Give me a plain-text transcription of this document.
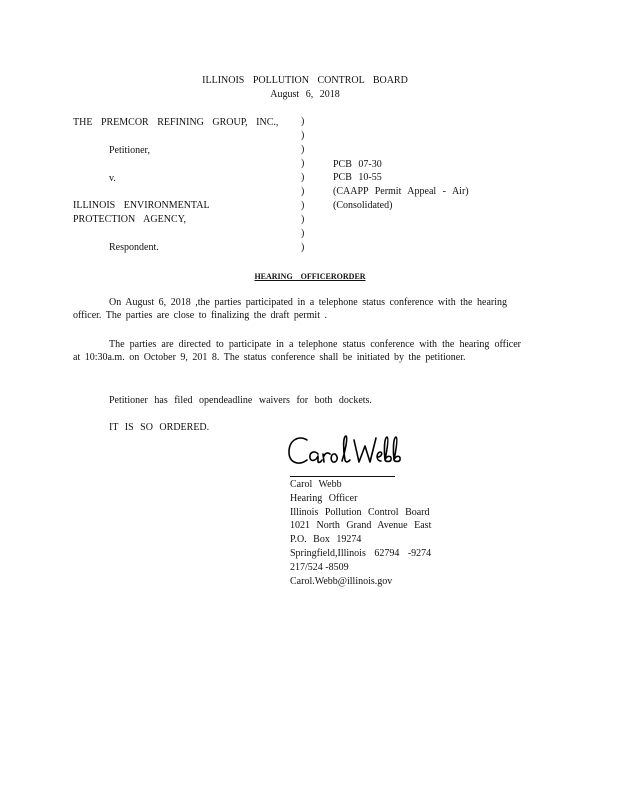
ILLINOIS POLLUTION CONTROL BOARD
August 6, 2018
THE PREMCOR REFINING GROUP, INC.,
Petitioner,
v.
ILLINOIS ENVIRONMENTAL
PROTECTION AGENCY,
Respondent.
)
)
)
)
)
)
)
)
)
)
PCB 07-30
PCB 10-55
(CAAPP Permit Appeal - Air)
(Consolidated)
HEARING OFFICERORDER
On August 6, 2018 ,the parties participated in a telephone status conference with the hearing officer. The parties are close to finalizing the draft permit .
The parties are directed to participate in a telephone status conference with the hearing officer at 10:30a.m. on October 9, 201 8. The status conference shall be initiated by the petitioner.
Petitioner has filed opendeadline waivers for both dockets.
IT IS SO ORDERED.
Carol Webb
Hearing Officer
Illinois Pollution Control Board
1021 North Grand Avenue East
P.O. Box 19274
Springfield,Illinois 62794 -9274
217/524 -8509
Carol.Webb@illinois.gov
